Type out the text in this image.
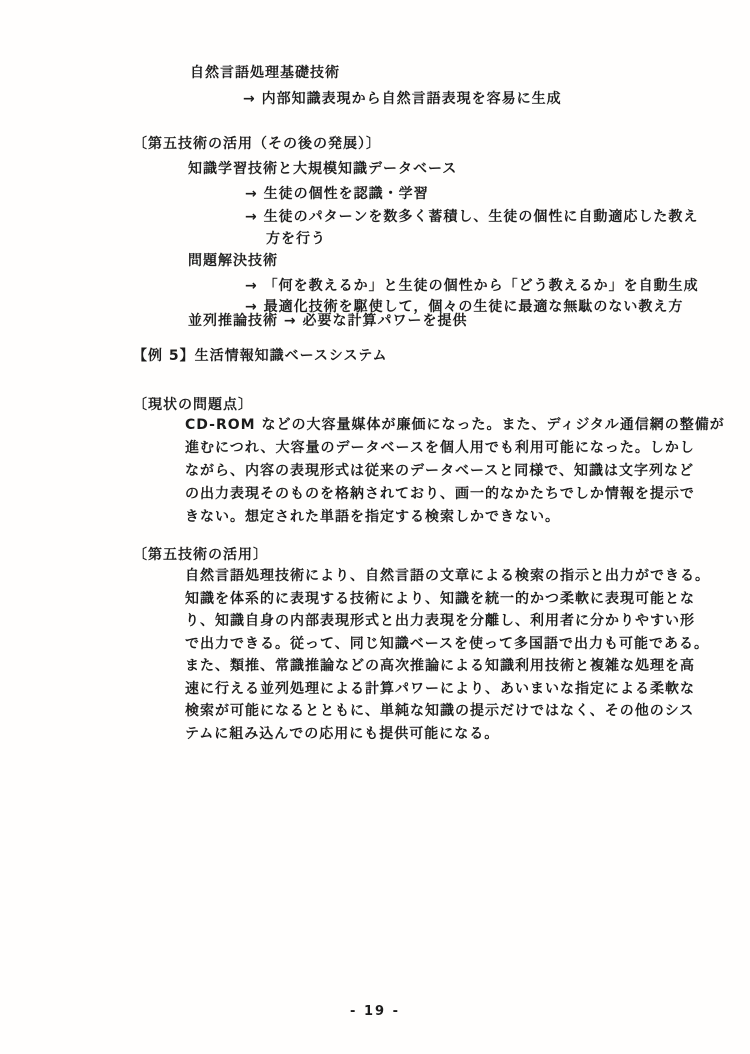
自然言語処理基礎技術
→ 内部知識表現から自然言語表現を容易に生成
〔第五技術の活用（その後の発展）〕
知識学習技術と大規模知識データベース
→ 生徒の個性を認識・学習
→ 生徒のパターンを数多く蓄積し、生徒の個性に自動適応した教え
方を行う
問題解決技術
→ 「何を教えるか」と生徒の個性から「どう教えるか」を自動生成
→ 最適化技術を駆使して，個々の生徒に最適な無駄のない教え方
並列推論技術 → 必要な計算パワーを提供
【例 5】生活情報知識ベースシステム
〔現状の問題点〕
CD-ROM などの大容量媒体が廉価になった。また、ディジタル通信網の整備が
進むにつれ、大容量のデータベースを個人用でも利用可能になった。しかし
ながら、内容の表現形式は従来のデータベースと同様で、知識は文字列など
の出力表現そのものを格納されており、画一的なかたちでしか情報を提示で
きない。想定された単語を指定する検索しかできない。
〔第五技術の活用〕
自然言語処理技術により、自然言語の文章による検索の指示と出力ができる。
知識を体系的に表現する技術により、知識を統一的かつ柔軟に表現可能とな
り、知識自身の内部表現形式と出力表現を分離し、利用者に分かりやすい形
で出力できる。従って、同じ知識ベースを使って多国語で出力も可能である。
また、類推、常識推論などの高次推論による知識利用技術と複雑な処理を高
速に行える並列処理による計算パワーにより、あいまいな指定による柔軟な
検索が可能になるとともに、単純な知識の提示だけではなく、その他のシス
テムに組み込んでの応用にも提供可能になる。
- 19 -
